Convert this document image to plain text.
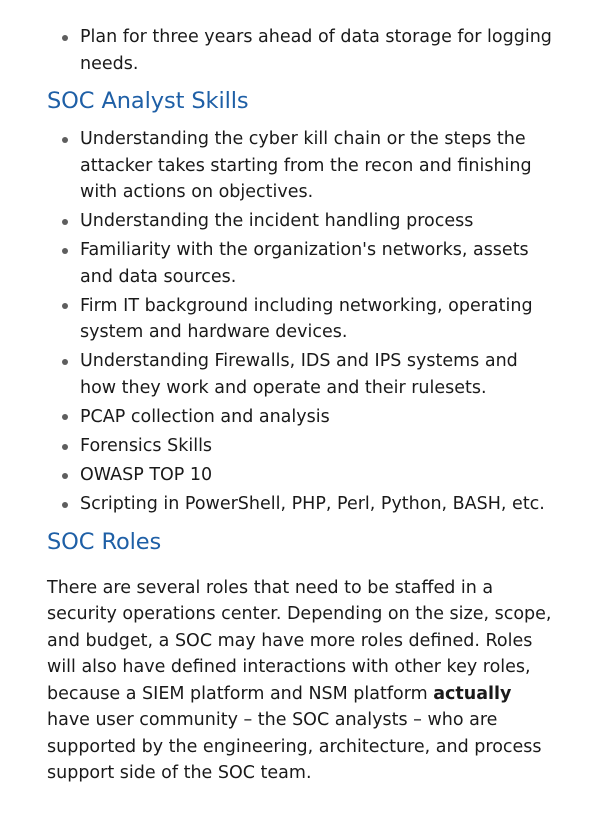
Plan for three years ahead of data storage for logging needs.
SOC Analyst Skills
Understanding the cyber kill chain or the steps the attacker takes starting from the recon and finishing with actions on objectives.
Understanding the incident handling process
Familiarity with the organization's networks, assets and data sources.
Firm IT background including networking, operating system and hardware devices.
Understanding Firewalls, IDS and IPS systems and how they work and operate and their rulesets.
PCAP collection and analysis
Forensics Skills
OWASP TOP 10
Scripting in PowerShell, PHP, Perl, Python, BASH, etc.
SOC Roles

There are several roles that need to be staffed in a security operations center. Depending on the size, scope, and budget, a SOC may have more roles defined. Roles will also have defined interactions with other key roles, because a SIEM platform and NSM platform actually have user community – the SOC analysts – who are supported by the engineering, architecture, and process support side of the SOC team.
